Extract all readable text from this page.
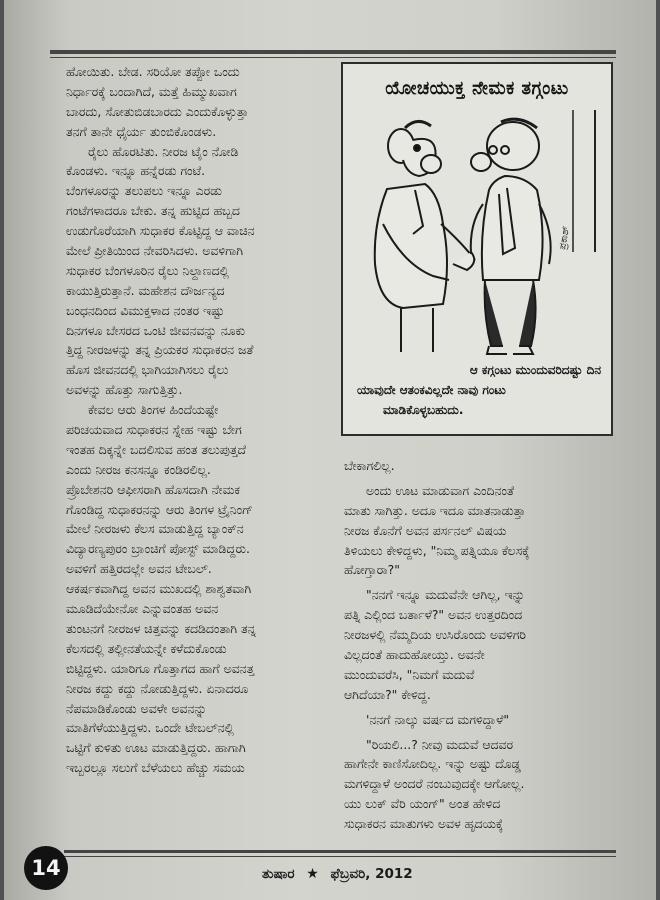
ಹೋಯಿತು. ಬೇಡ. ಸರಿಯೋ ತಪ್ಪೋ ಒಂದು
ನಿರ್ಧಾರಕ್ಕೆ ಬಂದಾಗಿದೆ, ಮತ್ತೆ ಹಿಮ್ಮುಖವಾಗ
ಬಾರದು, ಸೋತುಬಿಡಬಾರದು ಎಂದುಕೊಳ್ಳುತ್ತಾ
ತನಗೆ ತಾನೇ ಧೈರ್ಯ ತುಂಬಿಕೊಂಡಳು.
ರೈಲು ಹೊರಟಿತು. ನೀರಜ ಟೈಂ ನೋಡಿ
ಕೊಂಡಳು. ಇನ್ನೂ ಹನ್ನೆರಡು ಗಂಟೆ.
ಬೆಂಗಳೂರನ್ನು ತಲುಪಲು ಇನ್ನೂ ಎರಡು
ಗಂಟೆಗಳಾದರೂ ಬೇಕು. ತನ್ನ ಹುಟ್ಟಿದ ಹಬ್ಬದ
ಉಡುಗೊರೆಯಾಗಿ ಸುಧಾಕರ ಕೊಟ್ಟಿದ್ದ ಆ ವಾಚಿನ
ಮೇಲೆ ಪ್ರೀತಿಯಿಂದ ನೇವರಿಸಿದಳು. ಅವಳಿಗಾಗಿ
ಸುಧಾಕರ ಬೆಂಗಳೂರಿನ ರೈಲು ನಿಲ್ದಾಣದಲ್ಲಿ
ಕಾಯುತ್ತಿರುತ್ತಾನೆ. ಮಹೇಶನ ದೌರ್ಜನ್ಯದ
ಬಂಧನದಿಂದ ವಿಮುಕ್ತಳಾದ ನಂತರ ಇಷ್ಟು
ದಿನಗಳೂ ಬೇಸರದ ಒಂಟಿ ಜೀವನವನ್ನು ನೂಕು
ತ್ತಿದ್ದ ನೀರಜಳನ್ನು ತನ್ನ ಪ್ರಿಯಕರ ಸುಧಾಕರನ ಜತೆ
ಹೊಸ ಜೀವನದಲ್ಲಿ ಭಾಗಿಯಾಗಿಸಲು ರೈಲು
ಅವಳನ್ನು ಹೊತ್ತು ಸಾಗುತ್ತಿತ್ತು.
ಕೇವಲ ಆರು ತಿಂಗಳ ಹಿಂದೆಯಷ್ಟೇ
ಪರಿಚಯವಾದ ಸುಧಾಕರನ ಸ್ನೇಹ ಇಷ್ಟು ಬೇಗ
ಇಂತಹ ದಿಕ್ಕನ್ನೇ ಬದಲಿಸುವ ಹಂತ ತಲುಪುತ್ತದೆ
ಎಂದು ನೀರಜ ಕನಸನ್ನೂ ಕಂಡಿರಲಿಲ್ಲ.
ಪ್ರೊಬೇಶನರಿ ಆಫೀಸರಾಗಿ ಹೊಸದಾಗಿ ನೇಮಕ
ಗೊಂಡಿದ್ದ ಸುಧಾಕರನನ್ನು ಆರು ತಿಂಗಳ ಟ್ರೈನಿಂಗ್
ಮೇಲೆ ನೀರಜಳು ಕೆಲಸ ಮಾಡುತ್ತಿದ್ದ ಬ್ಯಾಂಕ್‌ನ
ವಿದ್ಯಾರಣ್ಯಪುರಂ ಬ್ರಾಂಚಿಗೆ ಪೋಸ್ಟ್ ಮಾಡಿದ್ದರು.
ಅವಳಿಗೆ ಹತ್ತಿರದಲ್ಲೇ ಅವನ ಟೇಬಲ್.
ಆಕರ್ಷಕವಾಗಿದ್ದ ಅವನ ಮುಖದಲ್ಲಿ ಶಾಶ್ವತವಾಗಿ
ಮೂಡಿದೆಯೇನೋ ಎನ್ನುವಂತಹ ಅವನ
ತುಂಟನಗೆ ನೀರಜಳ ಚಿತ್ತವನ್ನು ಕದಡಿದಂತಾಗಿ ತನ್ನ
ಕೆಲಸದಲ್ಲಿ ತಲ್ಲೀನತೆಯನ್ನೇ ಕಳೆದುಕೊಂಡು
ಬಿಟ್ಟಿದ್ದಳು. ಯಾರಿಗೂ ಗೊತ್ತಾಗದ ಹಾಗೆ ಅವನತ್ತ
ನೀರಜ ಕದ್ದು ಕದ್ದು ನೋಡುತ್ತಿದ್ದಳು. ಏನಾದರೂ
ನೆಪಮಾಡಿಕೊಂಡು ಅವಳೇ ಅವನನ್ನು
ಮಾತಿಗೆಳೆಯುತ್ತಿದ್ದಳು. ಒಂದೇ ಟೇಬಲ್‌ನಲ್ಲಿ
ಒಟ್ಟಿಗೆ ಕುಳಿತು ಊಟ ಮಾಡುತ್ತಿದ್ದರು. ಹಾಗಾಗಿ
ಇಬ್ಬರಲ್ಲೂ ಸಲುಗೆ ಬೆಳೆಯಲು ಹೆಚ್ಚು ಸಮಯ
ಯೋಚಯುಕ್ತ ನೇಮಕ ತಗ್ಗಂಟು
ಪ್ರಕಾಶ್
ಆ ಕಗ್ಗಂಟು ಮುಂದುವರಿದಷ್ಟು ದಿನ
ಯಾವುದೇ ಆತಂಕವಿಲ್ಲದೇ ನಾವು ಗಂಟು
ಮಾಡಿಕೊಳ್ಳಬಹುದು.
ಬೇಕಾಗಲಿಲ್ಲ.
ಅಂದು ಊಟ ಮಾಡುವಾಗ ಎಂದಿನಂತೆ
ಮಾತು ಸಾಗಿತ್ತು. ಅದೂ ಇದೂ ಮಾತನಾಡುತ್ತಾ
ನೀರಜ ಕೊನೆಗೆ ಅವನ ಪರ್ಸನಲ್ ವಿಷಯ
ತಿಳಿಯಲು ಕೇಳಿದ್ದಳು, "ನಿಮ್ಮ ಪತ್ನಿಯೂ ಕೆಲಸಕ್ಕೆ
ಹೋಗ್ತಾರಾ?"
"ನನಗೆ ಇನ್ನೂ ಮದುವೆನೇ ಆಗಿಲ್ಲ, ಇನ್ನು
ಪತ್ನಿ ಎಲ್ಲಿಂದ ಬರ್ತಾಳೆ?" ಅವನ ಉತ್ತರದಿಂದ
ನೀರಜಳಲ್ಲಿ ನೆಮ್ಮದಿಯ ಉಸಿರೊಂದು ಅವಳಿಗರಿ
ವಿಲ್ಲದಂತೆ ಹಾದುಹೋಯ್ತು. ಅವನೇ
ಮುಂದುವರೆಸಿ, "ನಿಮಗೆ ಮದುವೆ
ಆಗಿದೆಯಾ?" ಕೇಳಿದ್ದ.
'ನನಗೆ ನಾಲ್ಕು ವರ್ಷದ ಮಗಳಿದ್ದಾಳೆ"
"ರಿಯಲಿ...? ನೀವು ಮದುವೆ ಆದವರ
ಹಾಗೇನೇ ಕಾಣಿಸೋದಿಲ್ಲ. ಇನ್ನು ಅಷ್ಟು ದೊಡ್ಡ
ಮಗಳಿದ್ದಾಳೆ ಅಂದರೆ ನಂಬುವುದಕ್ಕೇ ಆಗೋಲ್ಲ.
ಯು ಲುಕ್ ವೆರಿ ಯಂಗ್" ಅಂತ ಹೇಳಿದ
ಸುಧಾಕರನ ಮಾತುಗಳು ಅವಳ ಹೃದಯಕ್ಕೆ
14	ತುಷಾರ ★ ಫೆಬ್ರವರಿ, 2012
